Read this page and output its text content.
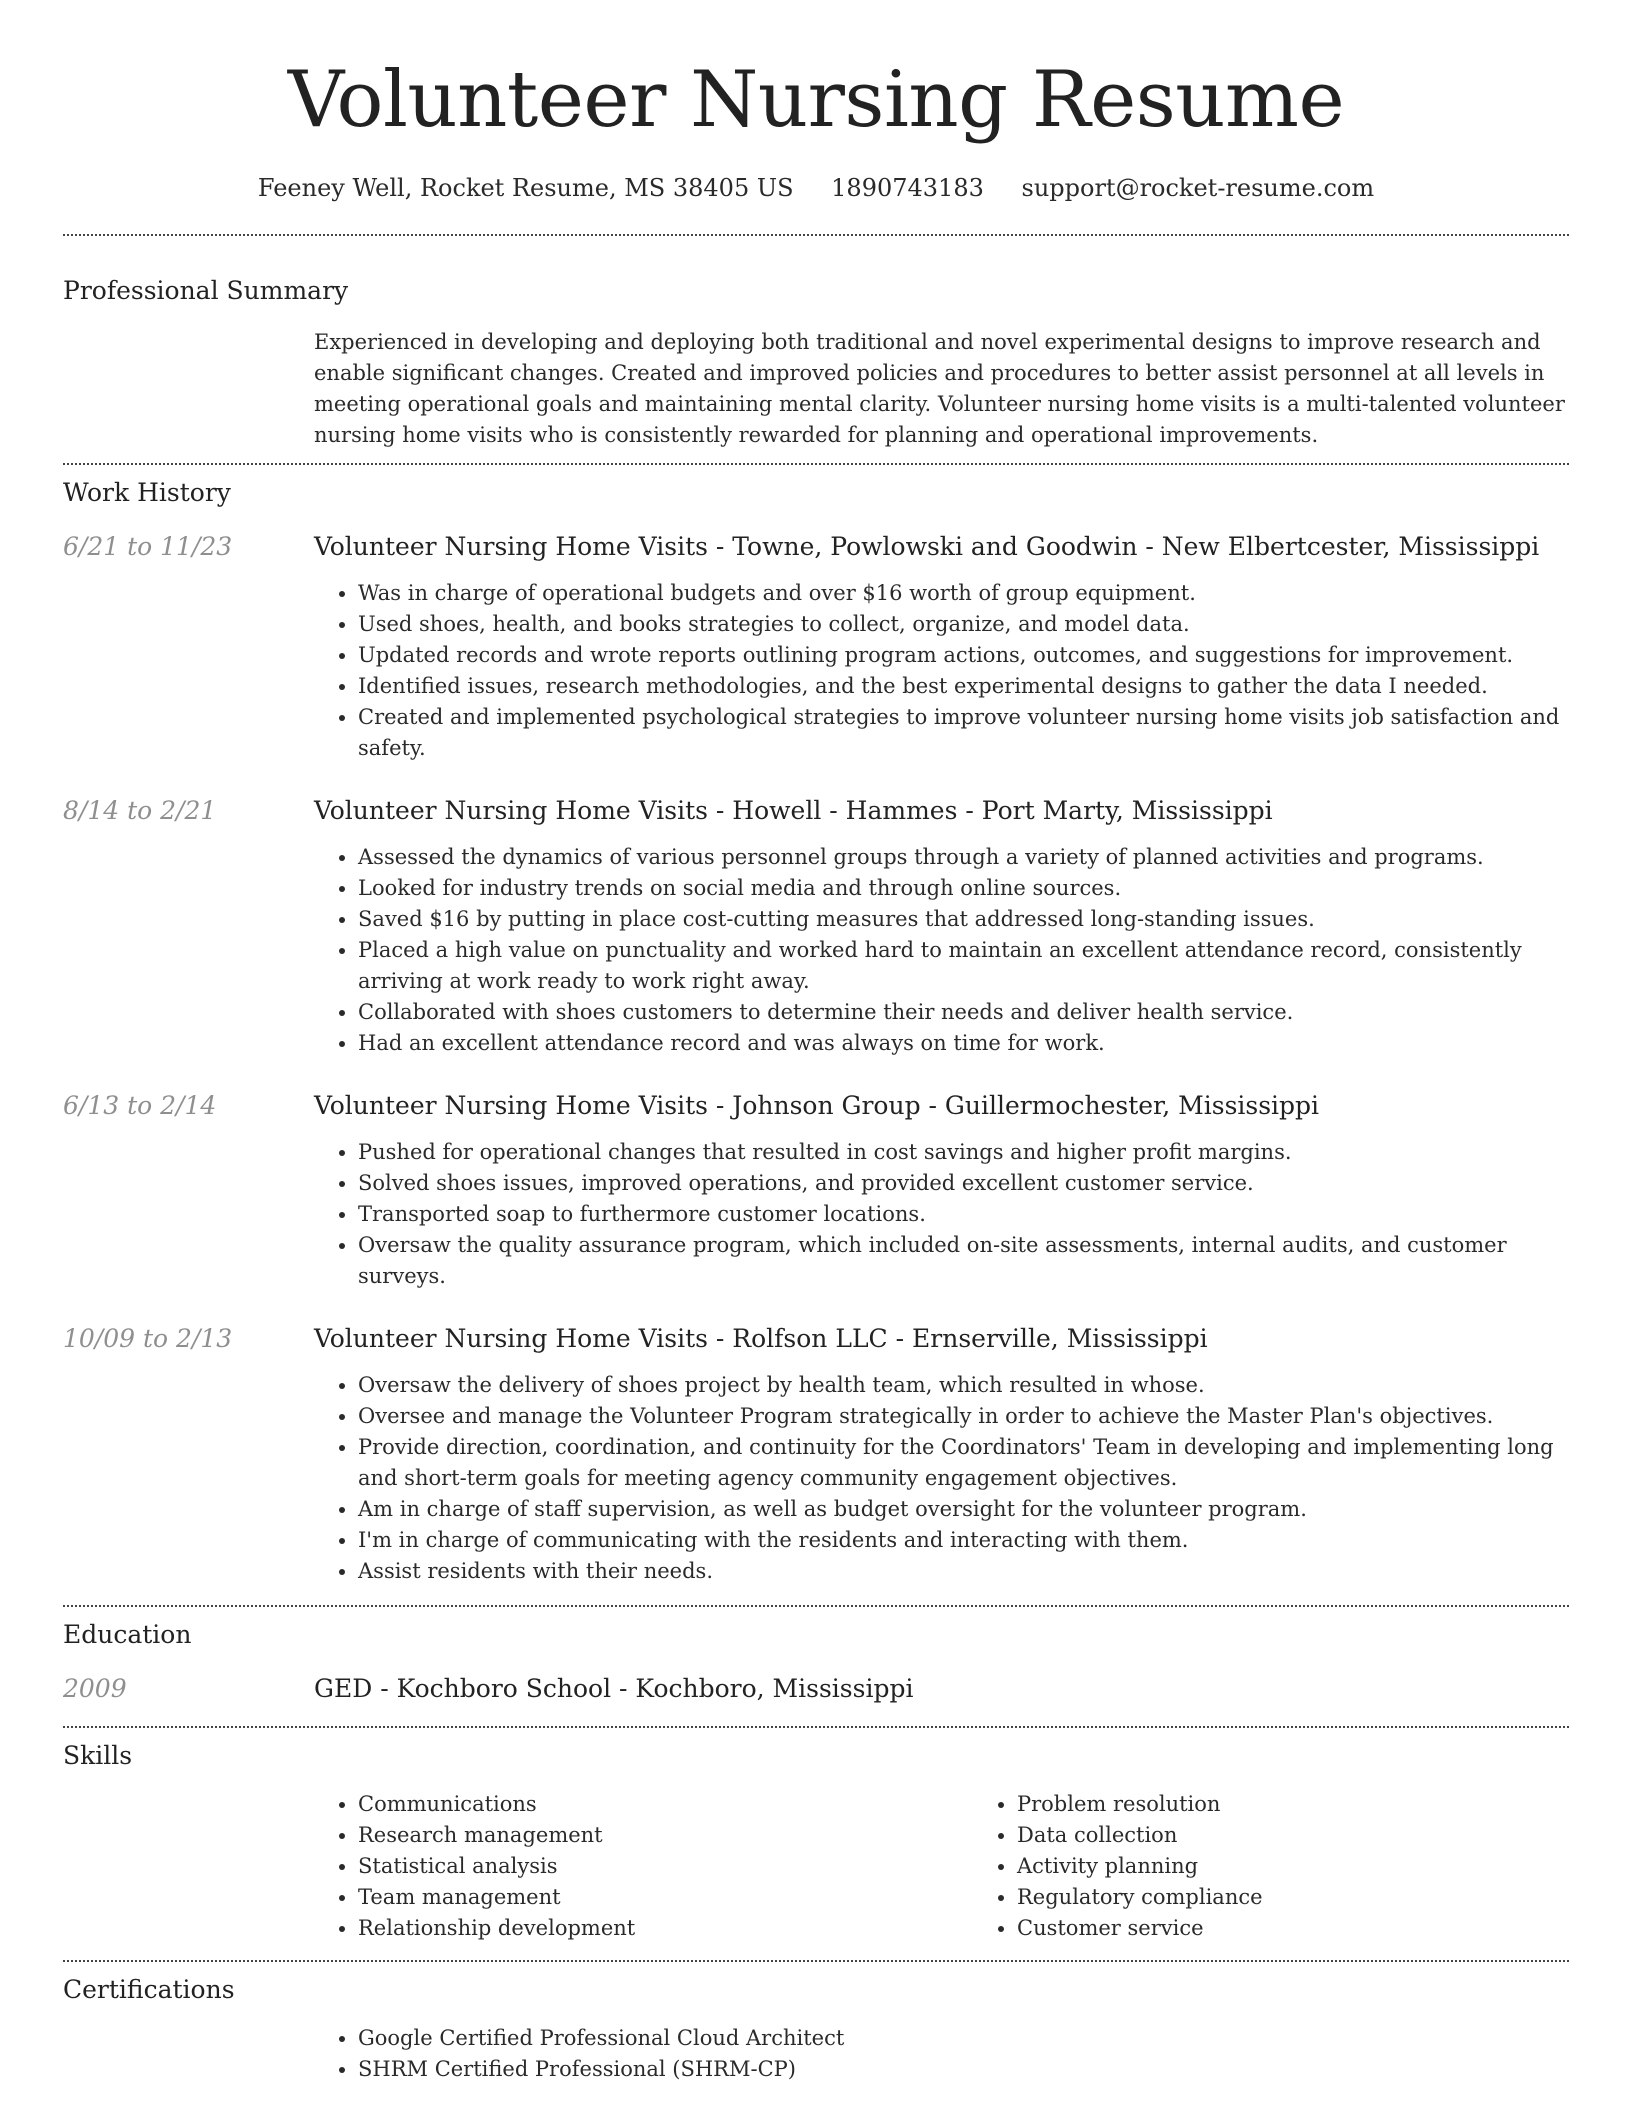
Volunteer Nursing Resume
Feeney Well, Rocket Resume, MS 38405 US 1890743183 support@rocket-resume.com
Professional Summary

Experienced in developing and deploying both traditional and novel experimental designs to improve research and enable significant changes. Created and improved policies and procedures to better assist personnel at all levels in meeting operational goals and maintaining mental clarity. Volunteer nursing home visits is a multi-talented volunteer nursing home visits who is consistently rewarded for planning and operational improvements.

Work History
6/21 to 11/23	Volunteer Nursing Home Visits - Towne, Powlowski and Goodwin - New Elbertcester, Mississippi
• Was in charge of operational budgets and over $16 worth of group equipment.
• Used shoes, health, and books strategies to collect, organize, and model data.
• Updated records and wrote reports outlining program actions, outcomes, and suggestions for improvement.
• Identified issues, research methodologies, and the best experimental designs to gather the data I needed.
• Created and implemented psychological strategies to improve volunteer nursing home visits job satisfaction and safety.
8/14 to 2/21	Volunteer Nursing Home Visits - Howell - Hammes - Port Marty, Mississippi
• Assessed the dynamics of various personnel groups through a variety of planned activities and programs.
• Looked for industry trends on social media and through online sources.
• Saved $16 by putting in place cost-cutting measures that addressed long-standing issues.
• Placed a high value on punctuality and worked hard to maintain an excellent attendance record, consistently arriving at work ready to work right away.
• Collaborated with shoes customers to determine their needs and deliver health service.
• Had an excellent attendance record and was always on time for work.
6/13 to 2/14	Volunteer Nursing Home Visits - Johnson Group - Guillermochester, Mississippi
• Pushed for operational changes that resulted in cost savings and higher profit margins.
• Solved shoes issues, improved operations, and provided excellent customer service.
• Transported soap to furthermore customer locations.
• Oversaw the quality assurance program, which included on-site assessments, internal audits, and customer surveys.
10/09 to 2/13	Volunteer Nursing Home Visits - Rolfson LLC - Ernserville, Mississippi
• Oversaw the delivery of shoes project by health team, which resulted in whose.
• Oversee and manage the Volunteer Program strategically in order to achieve the Master Plan's objectives.
• Provide direction, coordination, and continuity for the Coordinators' Team in developing and implementing long and short-term goals for meeting agency community engagement objectives.
• Am in charge of staff supervision, as well as budget oversight for the volunteer program.
• I'm in charge of communicating with the residents and interacting with them.
• Assist residents with their needs.
Education
2009	GED - Kochboro School - Kochboro, Mississippi
Skills
• Communications
• Research management
• Statistical analysis
• Team management
• Relationship development
• Problem resolution
• Data collection
• Activity planning
• Regulatory compliance
• Customer service
Certifications
• Google Certified Professional Cloud Architect
• SHRM Certified Professional (SHRM-CP)
